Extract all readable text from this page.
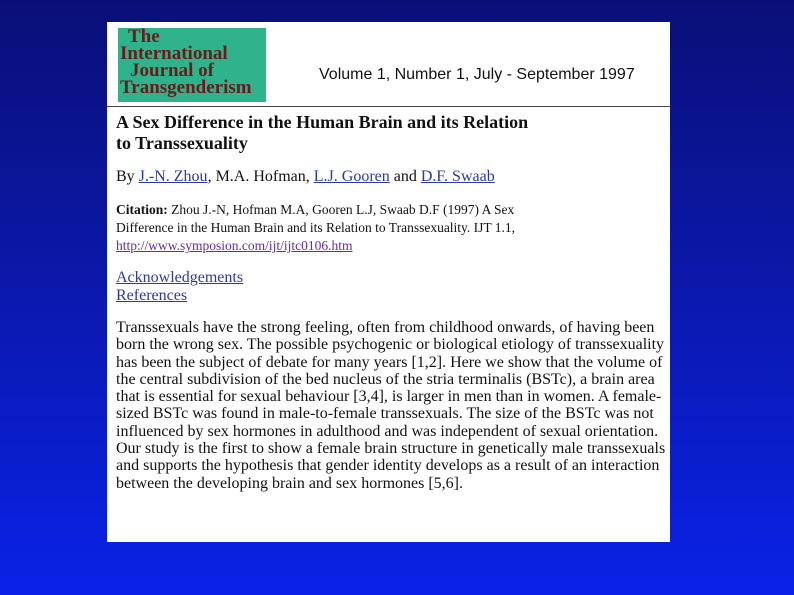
The
International
Journal of
Transgenderism
Volume 1, Number 1, July - September 1997
A Sex Difference in the Human Brain and its Relation
to Transsexuality
By J.-N. Zhou, M.A. Hofman, L.J. Gooren and D.F. Swaab
Citation: Zhou J.-N, Hofman M.A, Gooren L.J, Swaab D.F (1997) A Sex
Difference in the Human Brain and its Relation to Transsexuality. IJT 1.1,
http://www.symposion.com/ijt/ijtc0106.htm
Acknowledgements
References

Transsexuals have the strong feeling, often from childhood onwards, of having been born the wrong sex. The possible psychogenic or biological etiology of transsexuality has been the subject of debate for many years [1,2]. Here we show that the volume of the central subdivision of the bed nucleus of the stria terminalis (BSTc), a brain area that is essential for sexual behaviour [3,4], is larger in men than in women. A female-sized BSTc was found in male-to-female transsexuals. The size of the BSTc was not influenced by sex hormones in adulthood and was independent of sexual orientation. Our study is the first to show a female brain structure in genetically male transsexuals and supports the hypothesis that gender identity develops as a result of an interaction between the developing brain and sex hormones [5,6].
